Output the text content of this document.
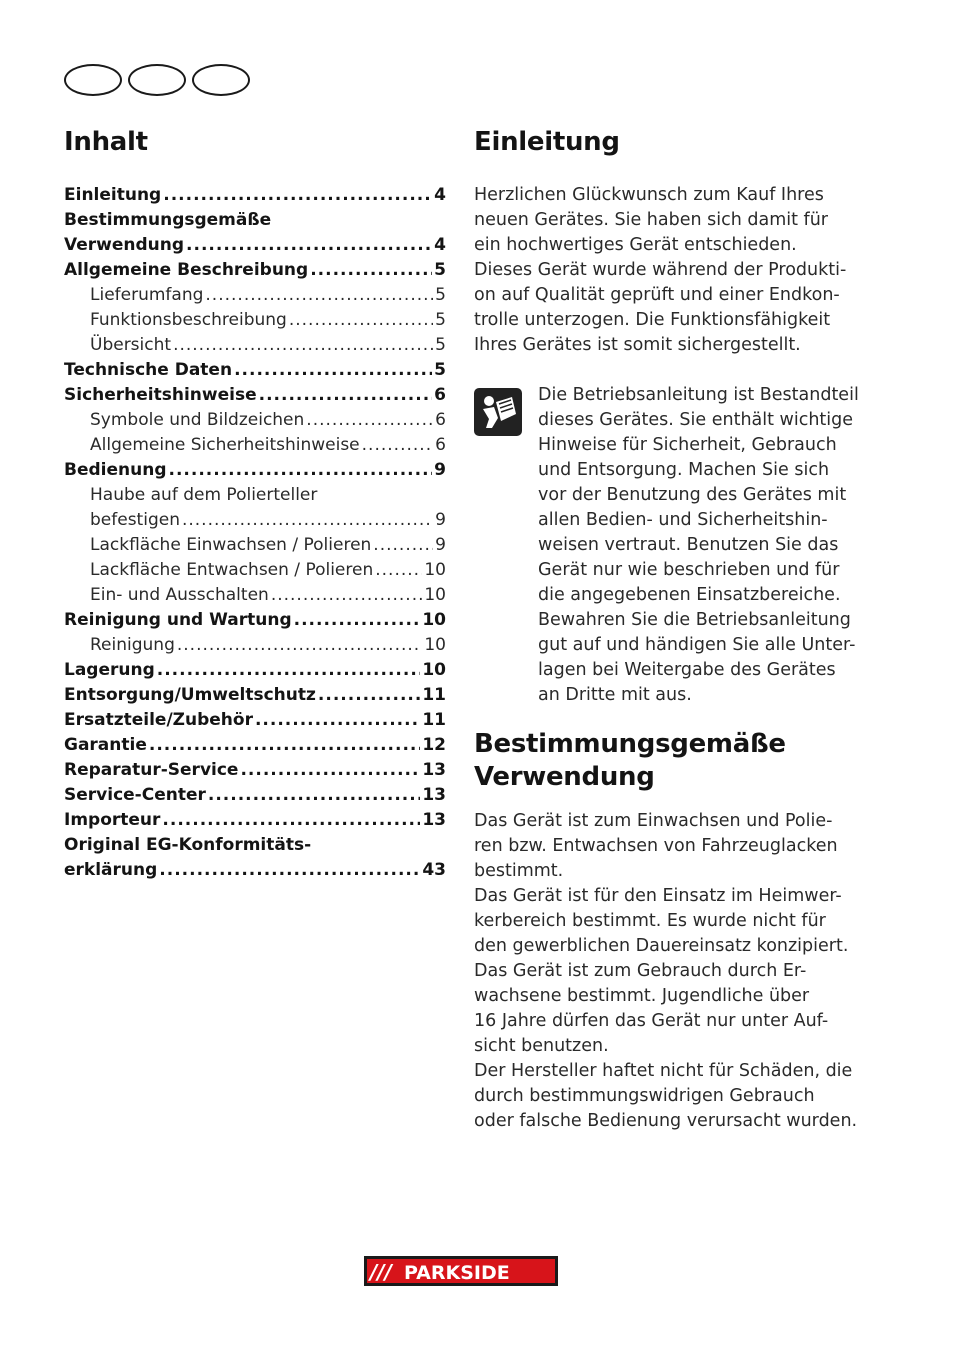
Inhalt
Einleitung .....	4
Bestimmungsgemäße
Verwendung .....	4
Allgemeine Beschreibung .....	5
Lieferumfang .....	5
Funktionsbeschreibung .....	5
Übersicht .....	5
Technische Daten .....	5
Sicherheitshinweise .....	6
Symbole und Bildzeichen .....	6
Allgemeine Sicherheitshinweise .....	6
Bedienung .....	9
Haube auf dem Polierteller
befestigen .....	9
Lackfläche Einwachsen / Polieren .....	9
Lackfläche Entwachsen / Polieren .....	10
Ein- und Ausschalten .....	10
Reinigung und Wartung .....	10
Reinigung .....	10
Lagerung .....	10
Entsorgung/Umweltschutz .....	11
Ersatzteile/Zubehör .....	11
Garantie .....	12
Reparatur-Service .....	13
Service-Center .....	13
Importeur .....	13
Original EG-Konformitäts-
erklärung .....	43
Einleitung
Herzlichen Glückwunsch zum Kauf Ihres
neuen Gerätes. Sie haben sich damit für
ein hochwertiges Gerät entschieden.
Dieses Gerät wurde während der Produkti-
on auf Qualität geprüft und einer Endkon-
trolle unterzogen. Die Funktionsfähigkeit
Ihres Gerätes ist somit sichergestellt.
Die Betriebsanleitung ist Bestandteil
dieses Gerätes. Sie enthält wichtige
Hinweise für Sicherheit, Gebrauch
und Entsorgung. Machen Sie sich
vor der Benutzung des Gerätes mit
allen Bedien- und Sicherheitshin-
weisen vertraut. Benutzen Sie das
Gerät nur wie beschrieben und für
die angegebenen Einsatzbereiche.
Bewahren Sie die Betriebsanleitung
gut auf und händigen Sie alle Unter-
lagen bei Weitergabe des Gerätes
an Dritte mit aus.
Bestimmungsgemäße
Verwendung
Das Gerät ist zum Einwachsen und Polie-
ren bzw. Entwachsen von Fahrzeuglacken
bestimmt.
Das Gerät ist für den Einsatz im Heimwer-
kerbereich bestimmt. Es wurde nicht für
den gewerblichen Dauereinsatz konzipiert.
Das Gerät ist zum Gebrauch durch Er-
wachsene bestimmt. Jugendliche über
16 Jahre dürfen das Gerät nur unter Auf-
sicht benutzen.
Der Hersteller haftet nicht für Schäden, die
durch bestimmungswidrigen Gebrauch
oder falsche Bedienung verursacht wurden.
/// PARKSIDE
